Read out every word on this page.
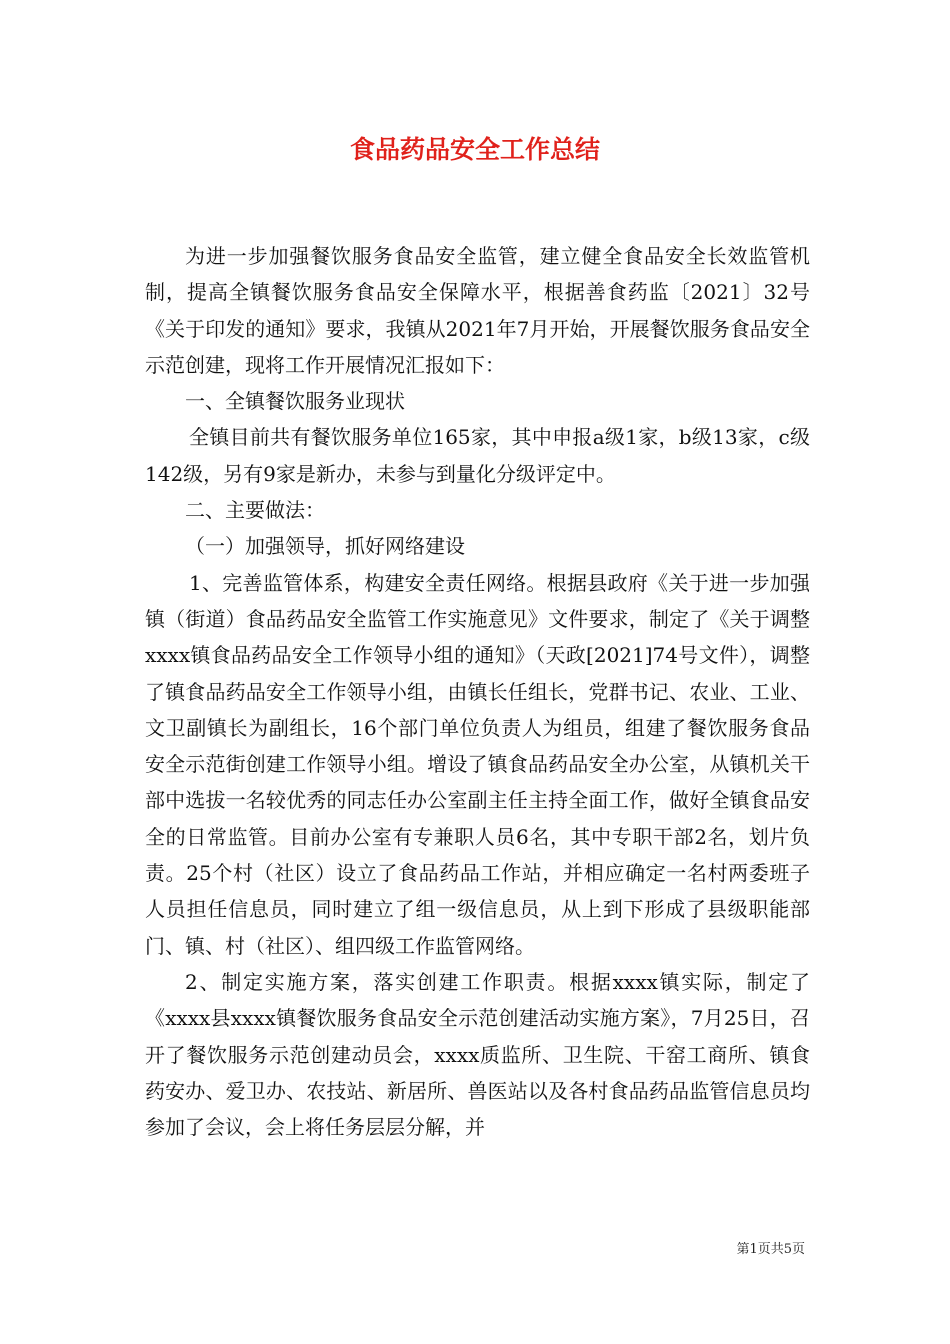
食品药品安全工作总结

为进一步加强餐饮服务食品安全监管，建立健全食品安全长效监管机制，提高全镇餐饮服务食品安全保障水平，根据善食药监〔2021〕32号《关于印发的通知》要求，我镇从2021年7月开始，开展餐饮服务食品安全示范创建，现将工作开展情况汇报如下：

一、全镇餐饮服务业现状

全镇目前共有餐饮服务单位165家，其中申报a级1家，b级13家，c级142级，另有9家是新办，未参与到量化分级评定中。

二、主要做法：

（一）加强领导，抓好网络建设

1、完善监管体系，构建安全责任网络。根据县政府《关于进一步加强镇（街道）食品药品安全监管工作实施意见》文件要求，制定了《关于调整xxxx镇食品药品安全工作领导小组的通知》（天政[2021]74号文件），调整了镇食品药品安全工作领导小组，由镇长任组长，党群书记、农业、工业、文卫副镇长为副组长，16个部门单位负责人为组员，组建了餐饮服务食品安全示范街创建工作领导小组。增设了镇食品药品安全办公室，从镇机关干部中选拔一名较优秀的同志任办公室副主任主持全面工作，做好全镇食品安全的日常监管。目前办公室有专兼职人员6名，其中专职干部2名，划片负责。25个村（社区）设立了食品药品工作站，并相应确定一名村两委班子人员担任信息员，同时建立了组一级信息员，从上到下形成了县级职能部门、镇、村（社区）、组四级工作监管网络。

2、制定实施方案，落实创建工作职责。根据xxxx镇实际，制定了《xxxx县xxxx镇餐饮服务食品安全示范创建活动实施方案》，7月25日，召开了餐饮服务示范创建动员会，xxxx质监所、卫生院、干窑工商所、镇食药安办、爱卫办、农技站、新居所、兽医站以及各村食品药品监管信息员均参加了会议，会上将任务层层分解，并

第1页共5页
